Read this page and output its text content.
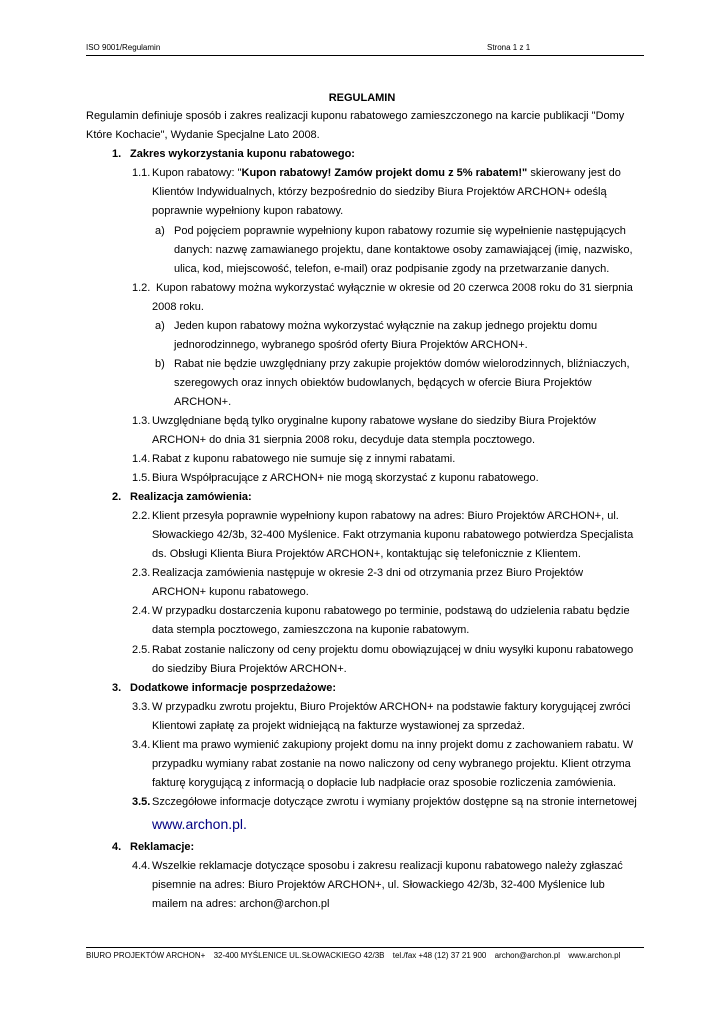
ISO 9001/Regulamin	Strona 1 z 1
REGULAMIN
Regulamin definiuje sposób i zakres realizacji kuponu rabatowego zamieszczonego na karcie publikacji "Domy
Które Kochacie", Wydanie Specjalne Lato 2008.
1. Zakres wykorzystania kuponu rabatowego:
1.1. Kupon rabatowy: "Kupon rabatowy! Zamów projekt domu z 5% rabatem!" skierowany jest do
Klientów Indywidualnych, którzy bezpośrednio do siedziby Biura Projektów ARCHON+ odeślą
poprawnie wypełniony kupon rabatowy.
a) Pod pojęciem poprawnie wypełniony kupon rabatowy rozumie się wypełnienie następujących
danych: nazwę zamawianego projektu, dane kontaktowe osoby zamawiającej (imię, nazwisko,
ulica, kod, miejscowość, telefon, e-mail) oraz podpisanie zgody na przetwarzanie danych.
1.2. Kupon rabatowy można wykorzystać wyłącznie w okresie od 20 czerwca 2008 roku do 31 sierpnia
2008 roku.
a) Jeden kupon rabatowy można wykorzystać wyłącznie na zakup jednego projektu domu
jednorodzinnego, wybranego spośród oferty Biura Projektów ARCHON+.
b) Rabat nie będzie uwzględniany przy zakupie projektów domów wielorodzinnych, bliźniaczych,
szeregowych oraz innych obiektów budowlanych, będących w ofercie Biura Projektów
ARCHON+.
1.3. Uwzględniane będą tylko oryginalne kupony rabatowe wysłane do siedziby Biura Projektów
ARCHON+ do dnia 31 sierpnia 2008 roku, decyduje data stempla pocztowego.
1.4. Rabat z kuponu rabatowego nie sumuje się z innymi rabatami.
1.5. Biura Współpracujące z ARCHON+ nie mogą skorzystać z kuponu rabatowego.
2. Realizacja zamówienia:
2.2. Klient przesyła poprawnie wypełniony kupon rabatowy na adres: Biuro Projektów ARCHON+, ul.
Słowackiego 42/3b, 32-400 Myślenice. Fakt otrzymania kuponu rabatowego potwierdza Specjalista
ds. Obsługi Klienta Biura Projektów ARCHON+, kontaktując się telefonicznie z Klientem.
2.3. Realizacja zamówienia następuje w okresie 2-3 dni od otrzymania przez Biuro Projektów
ARCHON+ kuponu rabatowego.
2.4. W przypadku dostarczenia kuponu rabatowego po terminie, podstawą do udzielenia rabatu będzie
data stempla pocztowego, zamieszczona na kuponie rabatowym.
2.5. Rabat zostanie naliczony od ceny projektu domu obowiązującej w dniu wysyłki kuponu rabatowego
do siedziby Biura Projektów ARCHON+.
3. Dodatkowe informacje posprzedażowe:
3.3. W przypadku zwrotu projektu, Biuro Projektów ARCHON+ na podstawie faktury korygującej zwróci
Klientowi zapłatę za projekt widniejącą na fakturze wystawionej za sprzedaż.
3.4. Klient ma prawo wymienić zakupiony projekt domu na inny projekt domu z zachowaniem rabatu. W
przypadku wymiany rabat zostanie na nowo naliczony od ceny wybranego projektu. Klient otrzyma
fakturę korygującą z informacją o dopłacie lub nadpłacie oraz sposobie rozliczenia zamówienia.
3.5. Szczegółowe informacje dotyczące zwrotu i wymiany projektów dostępne są na stronie internetowej
www.archon.pl.
4. Reklamacje:
4.4. Wszelkie reklamacje dotyczące sposobu i zakresu realizacji kuponu rabatowego należy zgłaszać
pisemnie na adres: Biuro Projektów ARCHON+, ul. Słowackiego 42/3b, 32-400 Myślenice lub
mailem na adres: archon@archon.pl
BIURO PROJEKTÓW ARCHON+ 32-400 MYŚLENICE UL.SŁOWACKIEGO 42/3B tel./fax +48 (12) 37 21 900 archon@archon.pl www.archon.pl
